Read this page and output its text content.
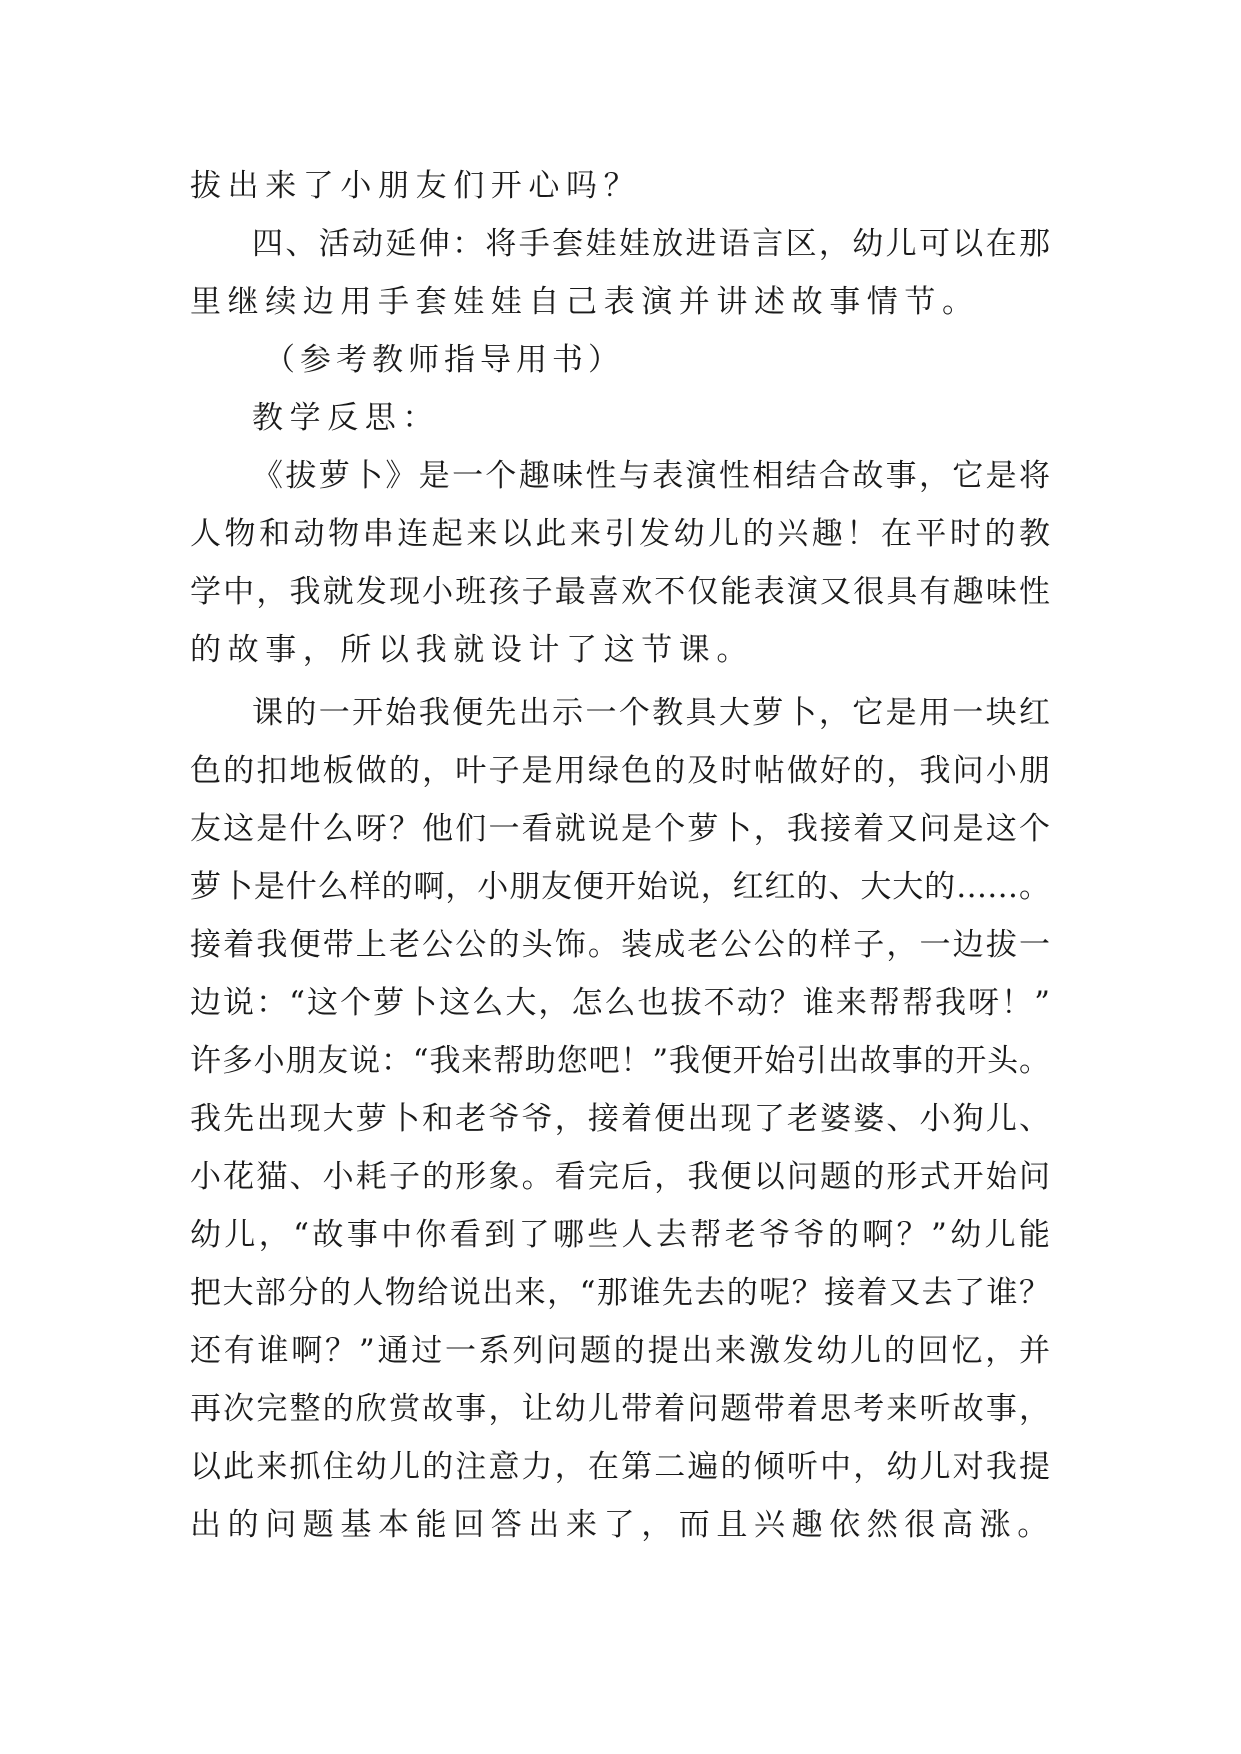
拔出来了小朋友们开心吗？
四、活动延伸：将手套娃娃放进语言区，幼儿可以在那
里继续边用手套娃娃自己表演并讲述故事情节。
（参考教师指导用书）
教学反思：
《拔萝卜》是一个趣味性与表演性相结合故事，它是将
人物和动物串连起来以此来引发幼儿的兴趣！在平时的教
学中，我就发现小班孩子最喜欢不仅能表演又很具有趣味性
的故事，所以我就设计了这节课。
课的一开始我便先出示一个教具大萝卜，它是用一块红
色的扣地板做的，叶子是用绿色的及时帖做好的，我问小朋
友这是什么呀？他们一看就说是个萝卜，我接着又问是这个
萝卜是什么样的啊，小朋友便开始说，红红的、大大的……。
接着我便带上老公公的头饰。装成老公公的样子，一边拔一
边说：“这个萝卜这么大，怎么也拔不动？谁来帮帮我呀！”
许多小朋友说：“我来帮助您吧！”我便开始引出故事的开头。
我先出现大萝卜和老爷爷，接着便出现了老婆婆、小狗儿、
小花猫、小耗子的形象。看完后，我便以问题的形式开始问
幼儿，“故事中你看到了哪些人去帮老爷爷的啊？”幼儿能
把大部分的人物给说出来，“那谁先去的呢？接着又去了谁？
还有谁啊？”通过一系列问题的提出来激发幼儿的回忆，并
再次完整的欣赏故事，让幼儿带着问题带着思考来听故事，
以此来抓住幼儿的注意力，在第二遍的倾听中，幼儿对我提
出的问题基本能回答出来了，而且兴趣依然很高涨。
